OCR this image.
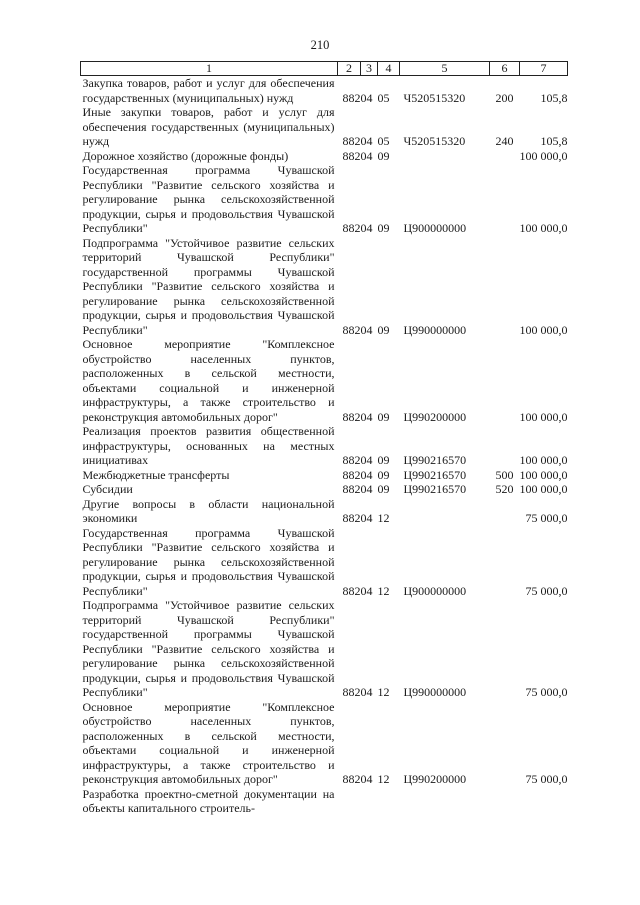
210
1	2	3	4	5	6	7
Закупка товаров, работ и услуг для обеспечения государственных (муниципальных) нужд	882	04	05	Ч520515320	200	105,8
Иные закупки товаров, работ и услуг для обеспечения государственных (муниципальных) нужд	882	04	05	Ч520515320	240	105,8
Дорожное хозяйство (дорожные фонды)	882	04	09			100 000,0
Государственная программа Чувашской Республики "Развитие сельского хозяйства и регулирование рынка сельскохозяйственной продукции, сырья и продовольствия Чувашской Республики"	882	04	09	Ц900000000		100 000,0
Подпрограмма "Устойчивое развитие сельских территорий Чувашской Республики" государственной программы Чувашской Республики "Развитие сельского хозяйства и регулирование рынка сельскохозяйственной продукции, сырья и продовольствия Чувашской Республики"	882	04	09	Ц990000000		100 000,0
Основное мероприятие "Комплексное обустройство населенных пунктов, расположенных в сельской местности, объектами социальной и инженерной инфраструктуры, а также строительство и реконструкция автомобильных дорог"	882	04	09	Ц990200000		100 000,0
Реализация проектов развития общественной инфраструктуры, основанных на местных инициативах	882	04	09	Ц990216570		100 000,0
Межбюджетные трансферты	882	04	09	Ц990216570	500	100 000,0
Субсидии	882	04	09	Ц990216570	520	100 000,0
Другие вопросы в области национальной экономики	882	04	12			75 000,0
Государственная программа Чувашской Республики "Развитие сельского хозяйства и регулирование рынка сельскохозяйственной продукции, сырья и продовольствия Чувашской Республики"	882	04	12	Ц900000000		75 000,0
Подпрограмма "Устойчивое развитие сельских территорий Чувашской Республики" государственной программы Чувашской Республики "Развитие сельского хозяйства и регулирование рынка сельскохозяйственной продукции, сырья и продовольствия Чувашской Республики"	882	04	12	Ц990000000		75 000,0
Основное мероприятие "Комплексное обустройство населенных пунктов, расположенных в сельской местности, объектами социальной и инженерной инфраструктуры, а также строительство и реконструкция автомобильных дорог"	882	04	12	Ц990200000		75 000,0
Разработка проектно-сметной документации на объекты капитального строитель-						
